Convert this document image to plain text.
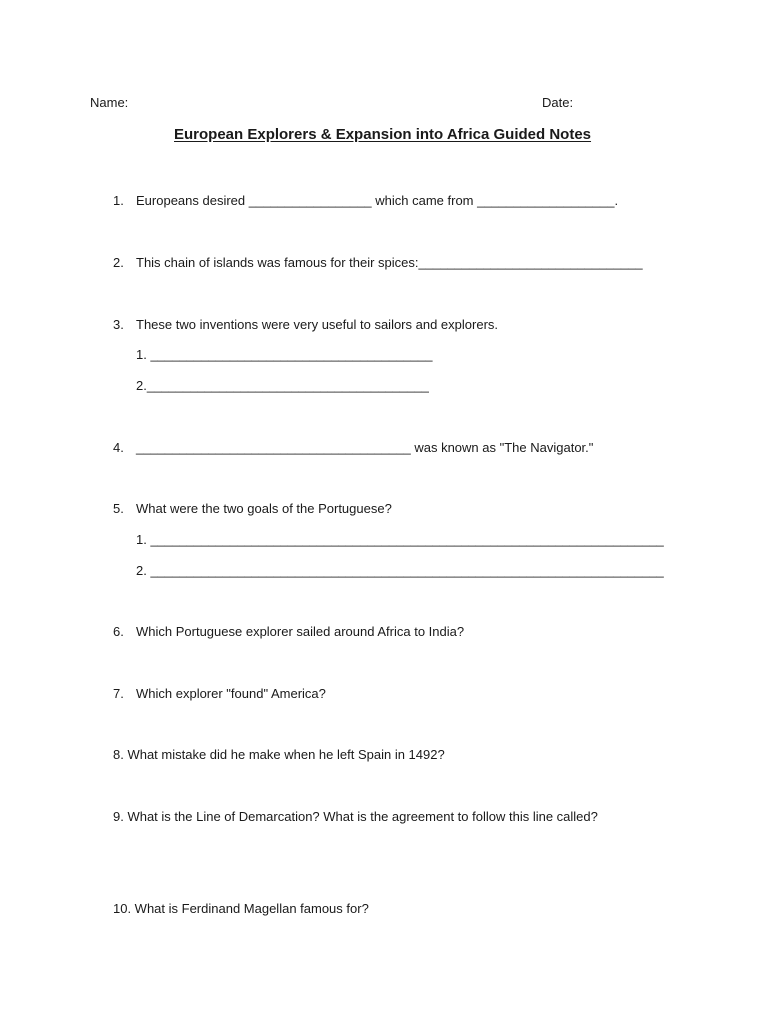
Name:	Date:
European Explorers & Expansion into Africa Guided Notes
1. Europeans desired _________________ which came from ___________________.
2. This chain of islands was famous for their spices:_______________________________
3. These two inventions were very useful to sailors and explorers.
1. _______________________________________
2._______________________________________
4. ______________________________________ was known as "The Navigator."
5. What were the two goals of the Portuguese?
1. _______________________________________________________________________
2. _______________________________________________________________________
6. Which Portuguese explorer sailed around Africa to India?
7. Which explorer "found" America?
8. What mistake did he make when he left Spain in 1492?
9. What is the Line of Demarcation? What is the agreement to follow this line called?
10. What is Ferdinand Magellan famous for?
